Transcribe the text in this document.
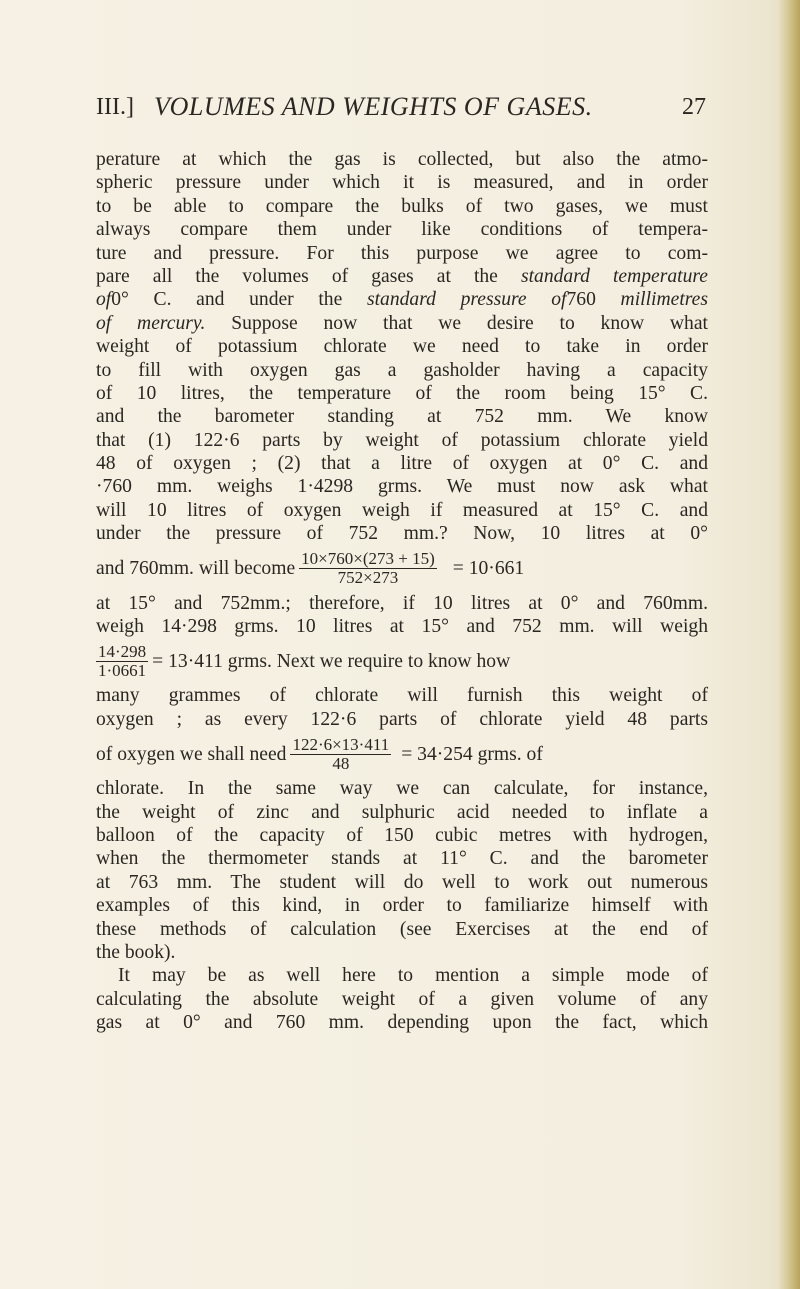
III.] VOLUMES AND WEIGHTS OF GASES.	27
perature at which the gas is collected, but also the atmo-
spheric pressure under which it is measured, and in order
to be able to compare the bulks of two gases, we must
always compare them under like conditions of tempera-
ture and pressure. For this purpose we agree to com-
pare all the volumes of gases at the standard temperature
of0° C. and under the standard pressure of760 millimetres
of mercury. Suppose now that we desire to know what
weight of potassium chlorate we need to take in order
to fill with oxygen gas a gasholder having a capacity
of 10 litres, the temperature of the room being 15° C.
and the barometer standing at 752 mm. We know
that (1) 122·6 parts by weight of potassium chlorate yield
48 of oxygen ; (2) that a litre of oxygen at 0° C. and
·760 mm. weighs 1·4298 grms. We must now ask what
will 10 litres of oxygen weigh if measured at 15° C. and
under the pressure of 752 mm.? Now, 10 litres at 0°
and 760mm. will become $\frac{10\times 760\times(273 + 15)}{752\times 273} = 10\cdot 661$
at 15° and 752mm.; therefore, if 10 litres at 0° and 760mm.
weigh 14·298 grms. 10 litres at 15° and 752 mm. will weigh
$\frac{14\cdot 298}{1\cdot 0661} = 13\cdot 411$ grms. Next we require to know how
many grammes of chlorate will furnish this weight of
oxygen ; as every 122·6 parts of chlorate yield 48 parts
of oxygen we shall need $\frac{122\cdot 6\times 13\cdot 411}{48} = 34\cdot 254$ grms. of
chlorate. In the same way we can calculate, for instance,
the weight of zinc and sulphuric acid needed to inflate a
balloon of the capacity of 150 cubic metres with hydrogen,
when the thermometer stands at 11° C. and the barometer
at 763 mm. The student will do well to work out numerous
examples of this kind, in order to familiarize himself with
these methods of calculation (see Exercises at the end of
the book).
It may be as well here to mention a simple mode of
calculating the absolute weight of a given volume of any
gas at 0° and 760 mm. depending upon the fact, which
